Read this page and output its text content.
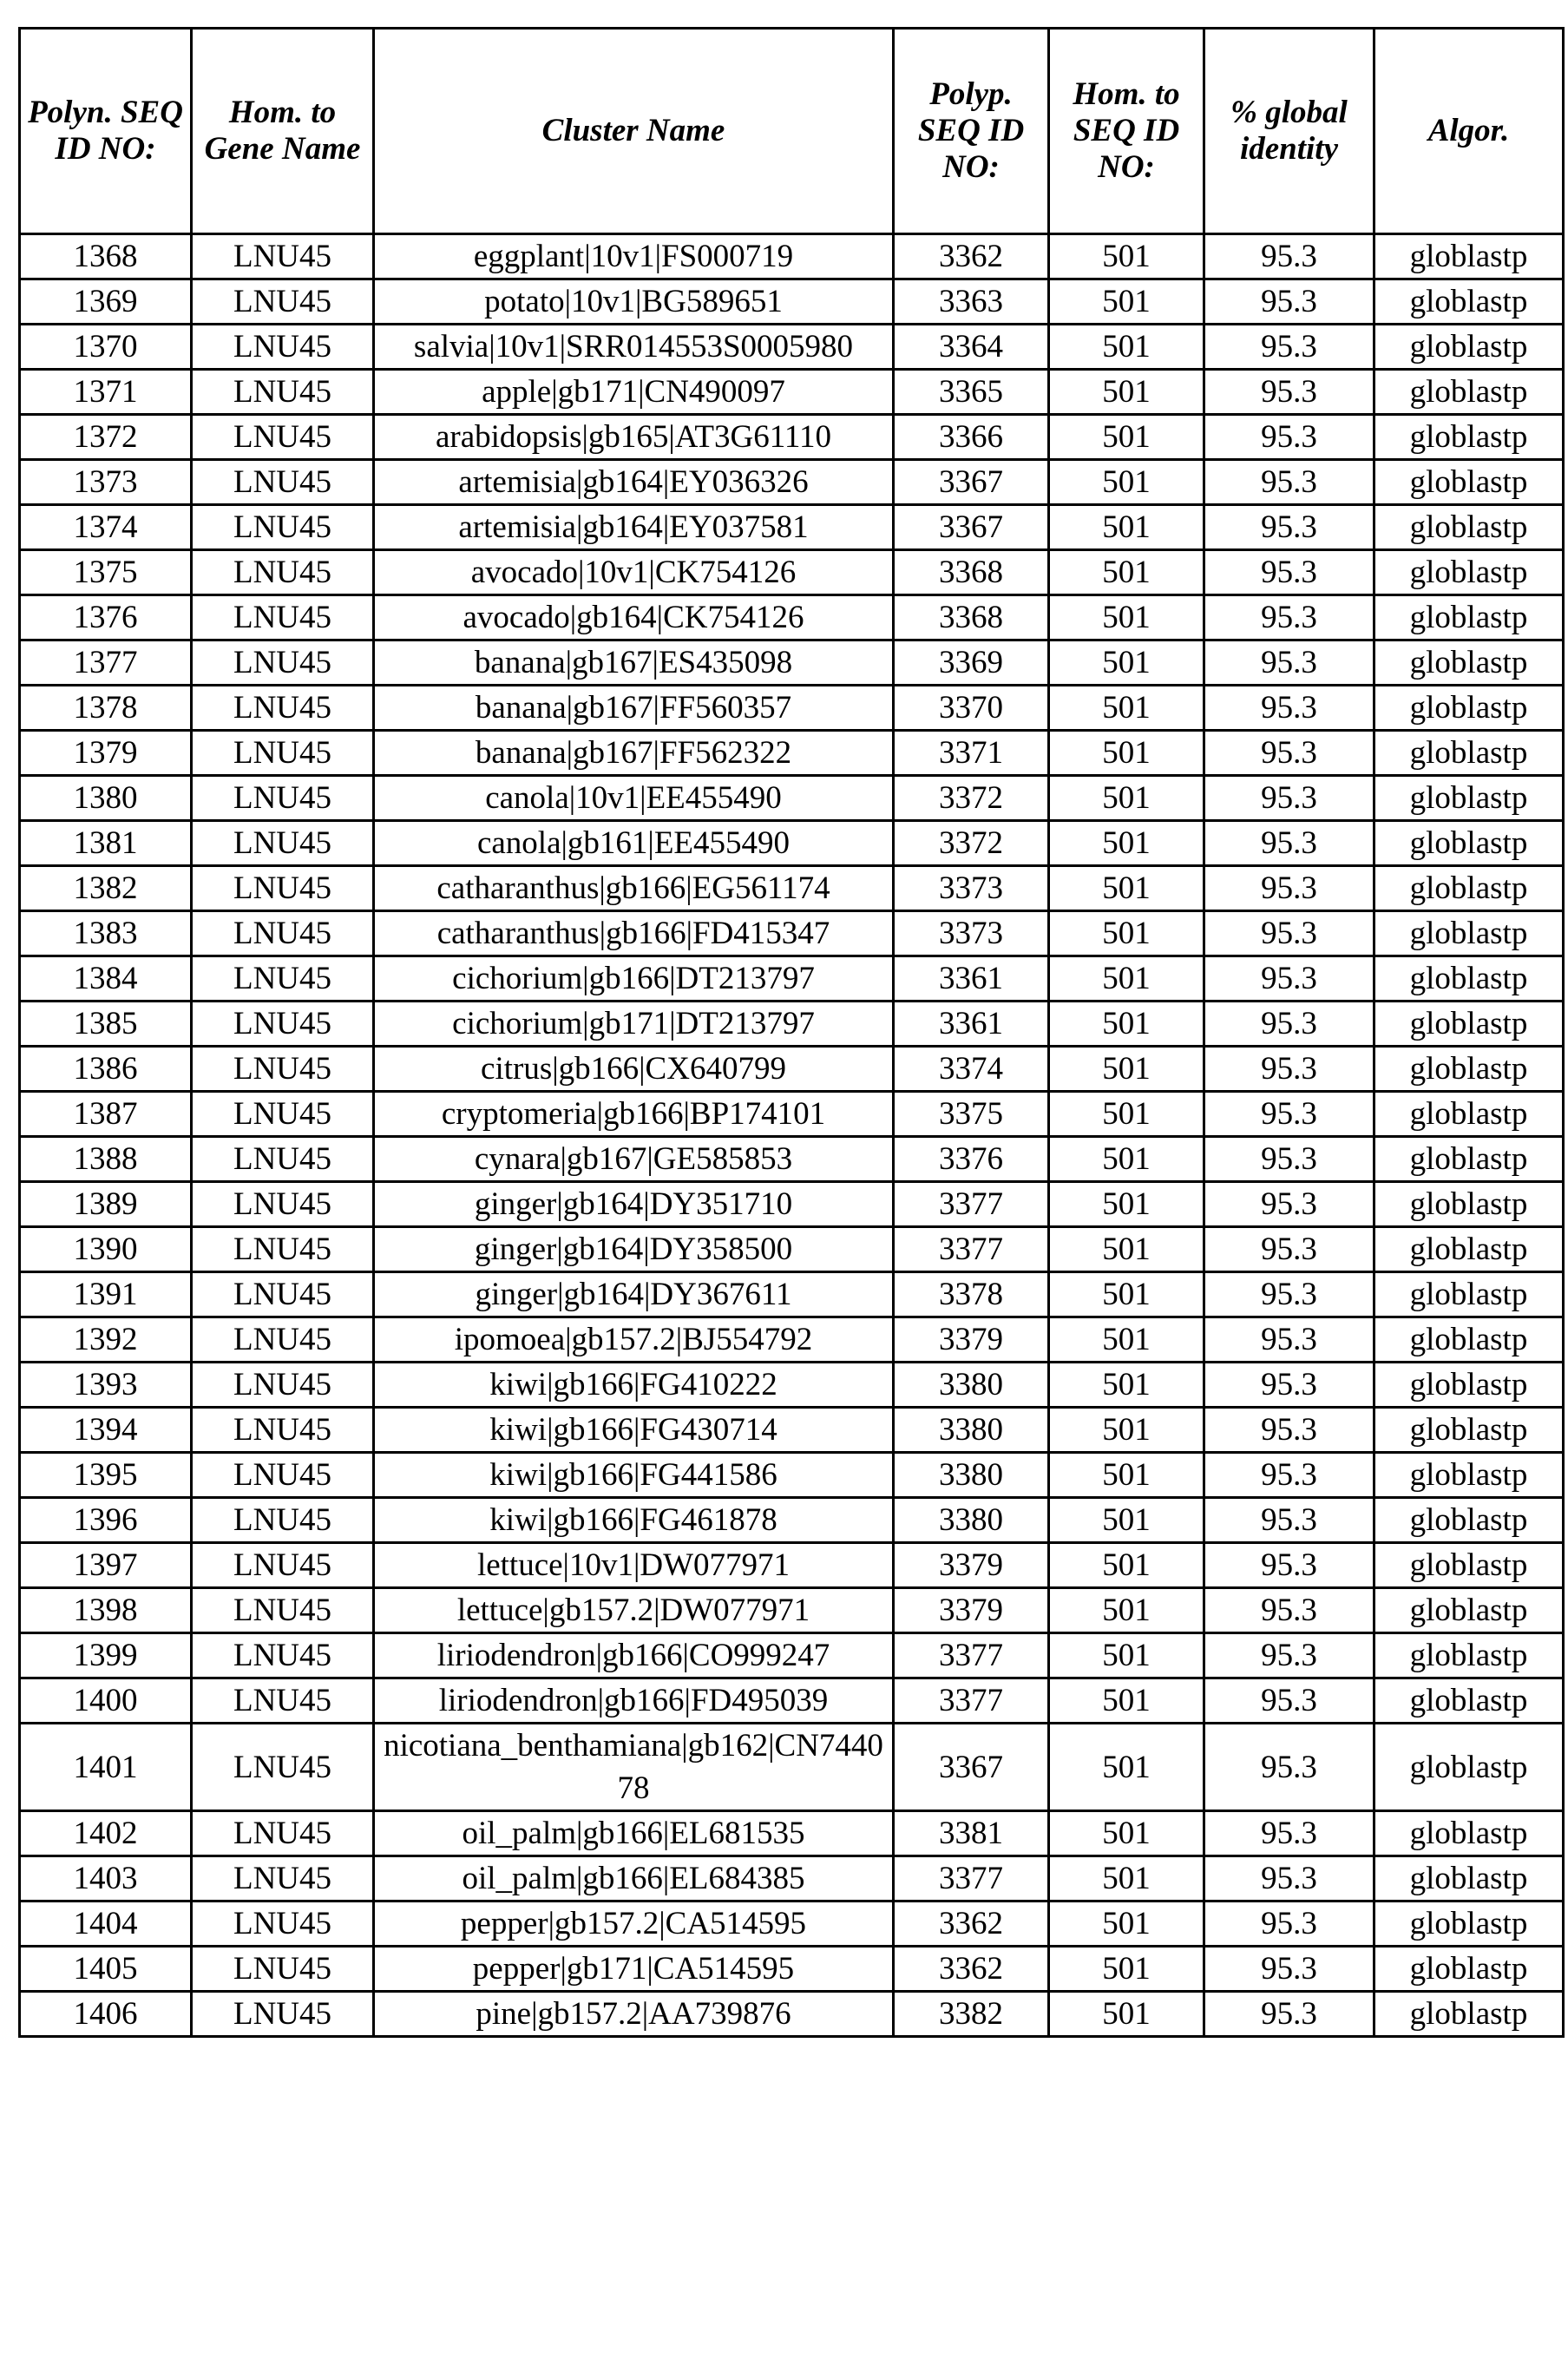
Polyn. SEQ ID NO:	Hom. to Gene Name	Cluster Name	Polyp. SEQ ID NO:	Hom. to SEQ ID NO:	% global identity	Algor.
1368	LNU45	eggplant|10v1|FS000719	3362	501	95.3	globlastp
1369	LNU45	potato|10v1|BG589651	3363	501	95.3	globlastp
1370	LNU45	salvia|10v1|SRR014553S0005980	3364	501	95.3	globlastp
1371	LNU45	apple|gb171|CN490097	3365	501	95.3	globlastp
1372	LNU45	arabidopsis|gb165|AT3G61110	3366	501	95.3	globlastp
1373	LNU45	artemisia|gb164|EY036326	3367	501	95.3	globlastp
1374	LNU45	artemisia|gb164|EY037581	3367	501	95.3	globlastp
1375	LNU45	avocado|10v1|CK754126	3368	501	95.3	globlastp
1376	LNU45	avocado|gb164|CK754126	3368	501	95.3	globlastp
1377	LNU45	banana|gb167|ES435098	3369	501	95.3	globlastp
1378	LNU45	banana|gb167|FF560357	3370	501	95.3	globlastp
1379	LNU45	banana|gb167|FF562322	3371	501	95.3	globlastp
1380	LNU45	canola|10v1|EE455490	3372	501	95.3	globlastp
1381	LNU45	canola|gb161|EE455490	3372	501	95.3	globlastp
1382	LNU45	catharanthus|gb166|EG561174	3373	501	95.3	globlastp
1383	LNU45	catharanthus|gb166|FD415347	3373	501	95.3	globlastp
1384	LNU45	cichorium|gb166|DT213797	3361	501	95.3	globlastp
1385	LNU45	cichorium|gb171|DT213797	3361	501	95.3	globlastp
1386	LNU45	citrus|gb166|CX640799	3374	501	95.3	globlastp
1387	LNU45	cryptomeria|gb166|BP174101	3375	501	95.3	globlastp
1388	LNU45	cynara|gb167|GE585853	3376	501	95.3	globlastp
1389	LNU45	ginger|gb164|DY351710	3377	501	95.3	globlastp
1390	LNU45	ginger|gb164|DY358500	3377	501	95.3	globlastp
1391	LNU45	ginger|gb164|DY367611	3378	501	95.3	globlastp
1392	LNU45	ipomoea|gb157.2|BJ554792	3379	501	95.3	globlastp
1393	LNU45	kiwi|gb166|FG410222	3380	501	95.3	globlastp
1394	LNU45	kiwi|gb166|FG430714	3380	501	95.3	globlastp
1395	LNU45	kiwi|gb166|FG441586	3380	501	95.3	globlastp
1396	LNU45	kiwi|gb166|FG461878	3380	501	95.3	globlastp
1397	LNU45	lettuce|10v1|DW077971	3379	501	95.3	globlastp
1398	LNU45	lettuce|gb157.2|DW077971	3379	501	95.3	globlastp
1399	LNU45	liriodendron|gb166|CO999247	3377	501	95.3	globlastp
1400	LNU45	liriodendron|gb166|FD495039	3377	501	95.3	globlastp
1401	LNU45	nicotiana_benthamiana|gb162|CN744078	3367	501	95.3	globlastp
1402	LNU45	oil_palm|gb166|EL681535	3381	501	95.3	globlastp
1403	LNU45	oil_palm|gb166|EL684385	3377	501	95.3	globlastp
1404	LNU45	pepper|gb157.2|CA514595	3362	501	95.3	globlastp
1405	LNU45	pepper|gb171|CA514595	3362	501	95.3	globlastp
1406	LNU45	pine|gb157.2|AA739876	3382	501	95.3	globlastp
